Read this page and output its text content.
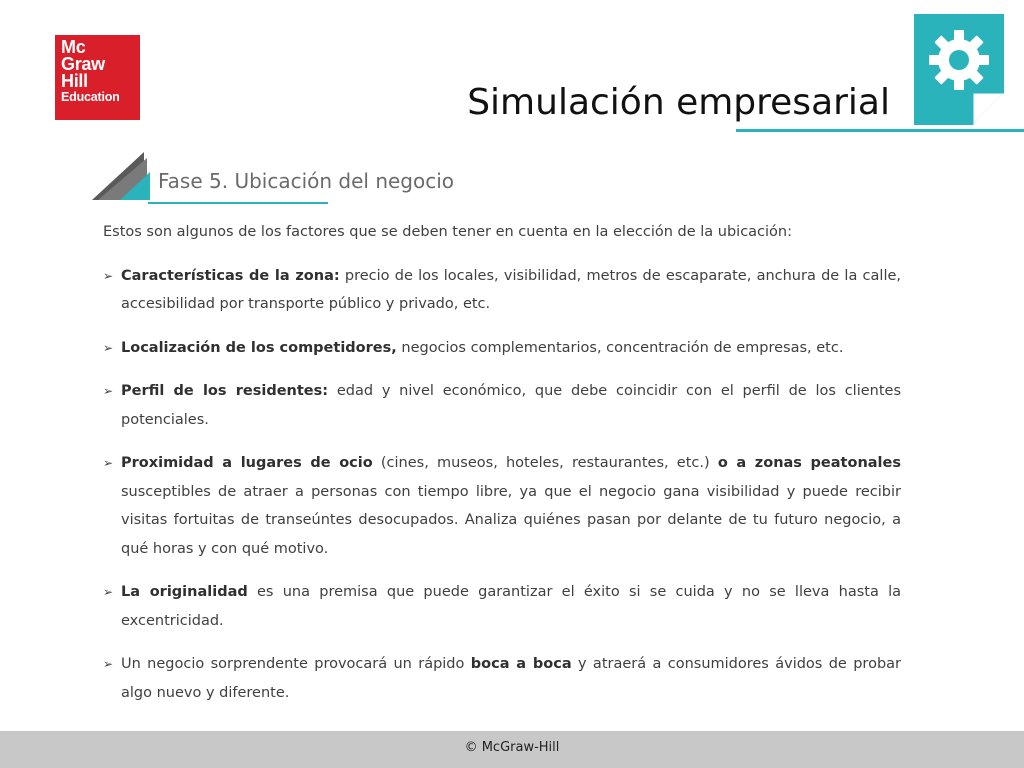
Mc
Graw
Hill
Education	Simulación empresarial
Fase 5. Ubicación del negocio

Estos son algunos de los factores que se deben tener en cuenta en la elección de la ubicación:

➢ Características de la zona: precio de los locales, visibilidad, metros de escaparate, anchura de la calle, accesibilidad por transporte público y privado, etc.

➢ Localización de los competidores, negocios complementarios, concentración de empresas, etc.

➢ Perfil de los residentes: edad y nivel económico, que debe coincidir con el perfil de los clientes potenciales.

➢ Proximidad a lugares de ocio (cines, museos, hoteles, restaurantes, etc.) o a zonas peatonales susceptibles de atraer a personas con tiempo libre, ya que el negocio gana visibilidad y puede recibir visitas fortuitas de transeúntes desocupados. Analiza quiénes pasan por delante de tu futuro negocio, a qué horas y con qué motivo.

➢ La originalidad es una premisa que puede garantizar el éxito si se cuida y no se lleva hasta la excentricidad.

➢ Un negocio sorprendente provocará un rápido boca a boca y atraerá a consumidores ávidos de probar algo nuevo y diferente.

© McGraw-Hill
